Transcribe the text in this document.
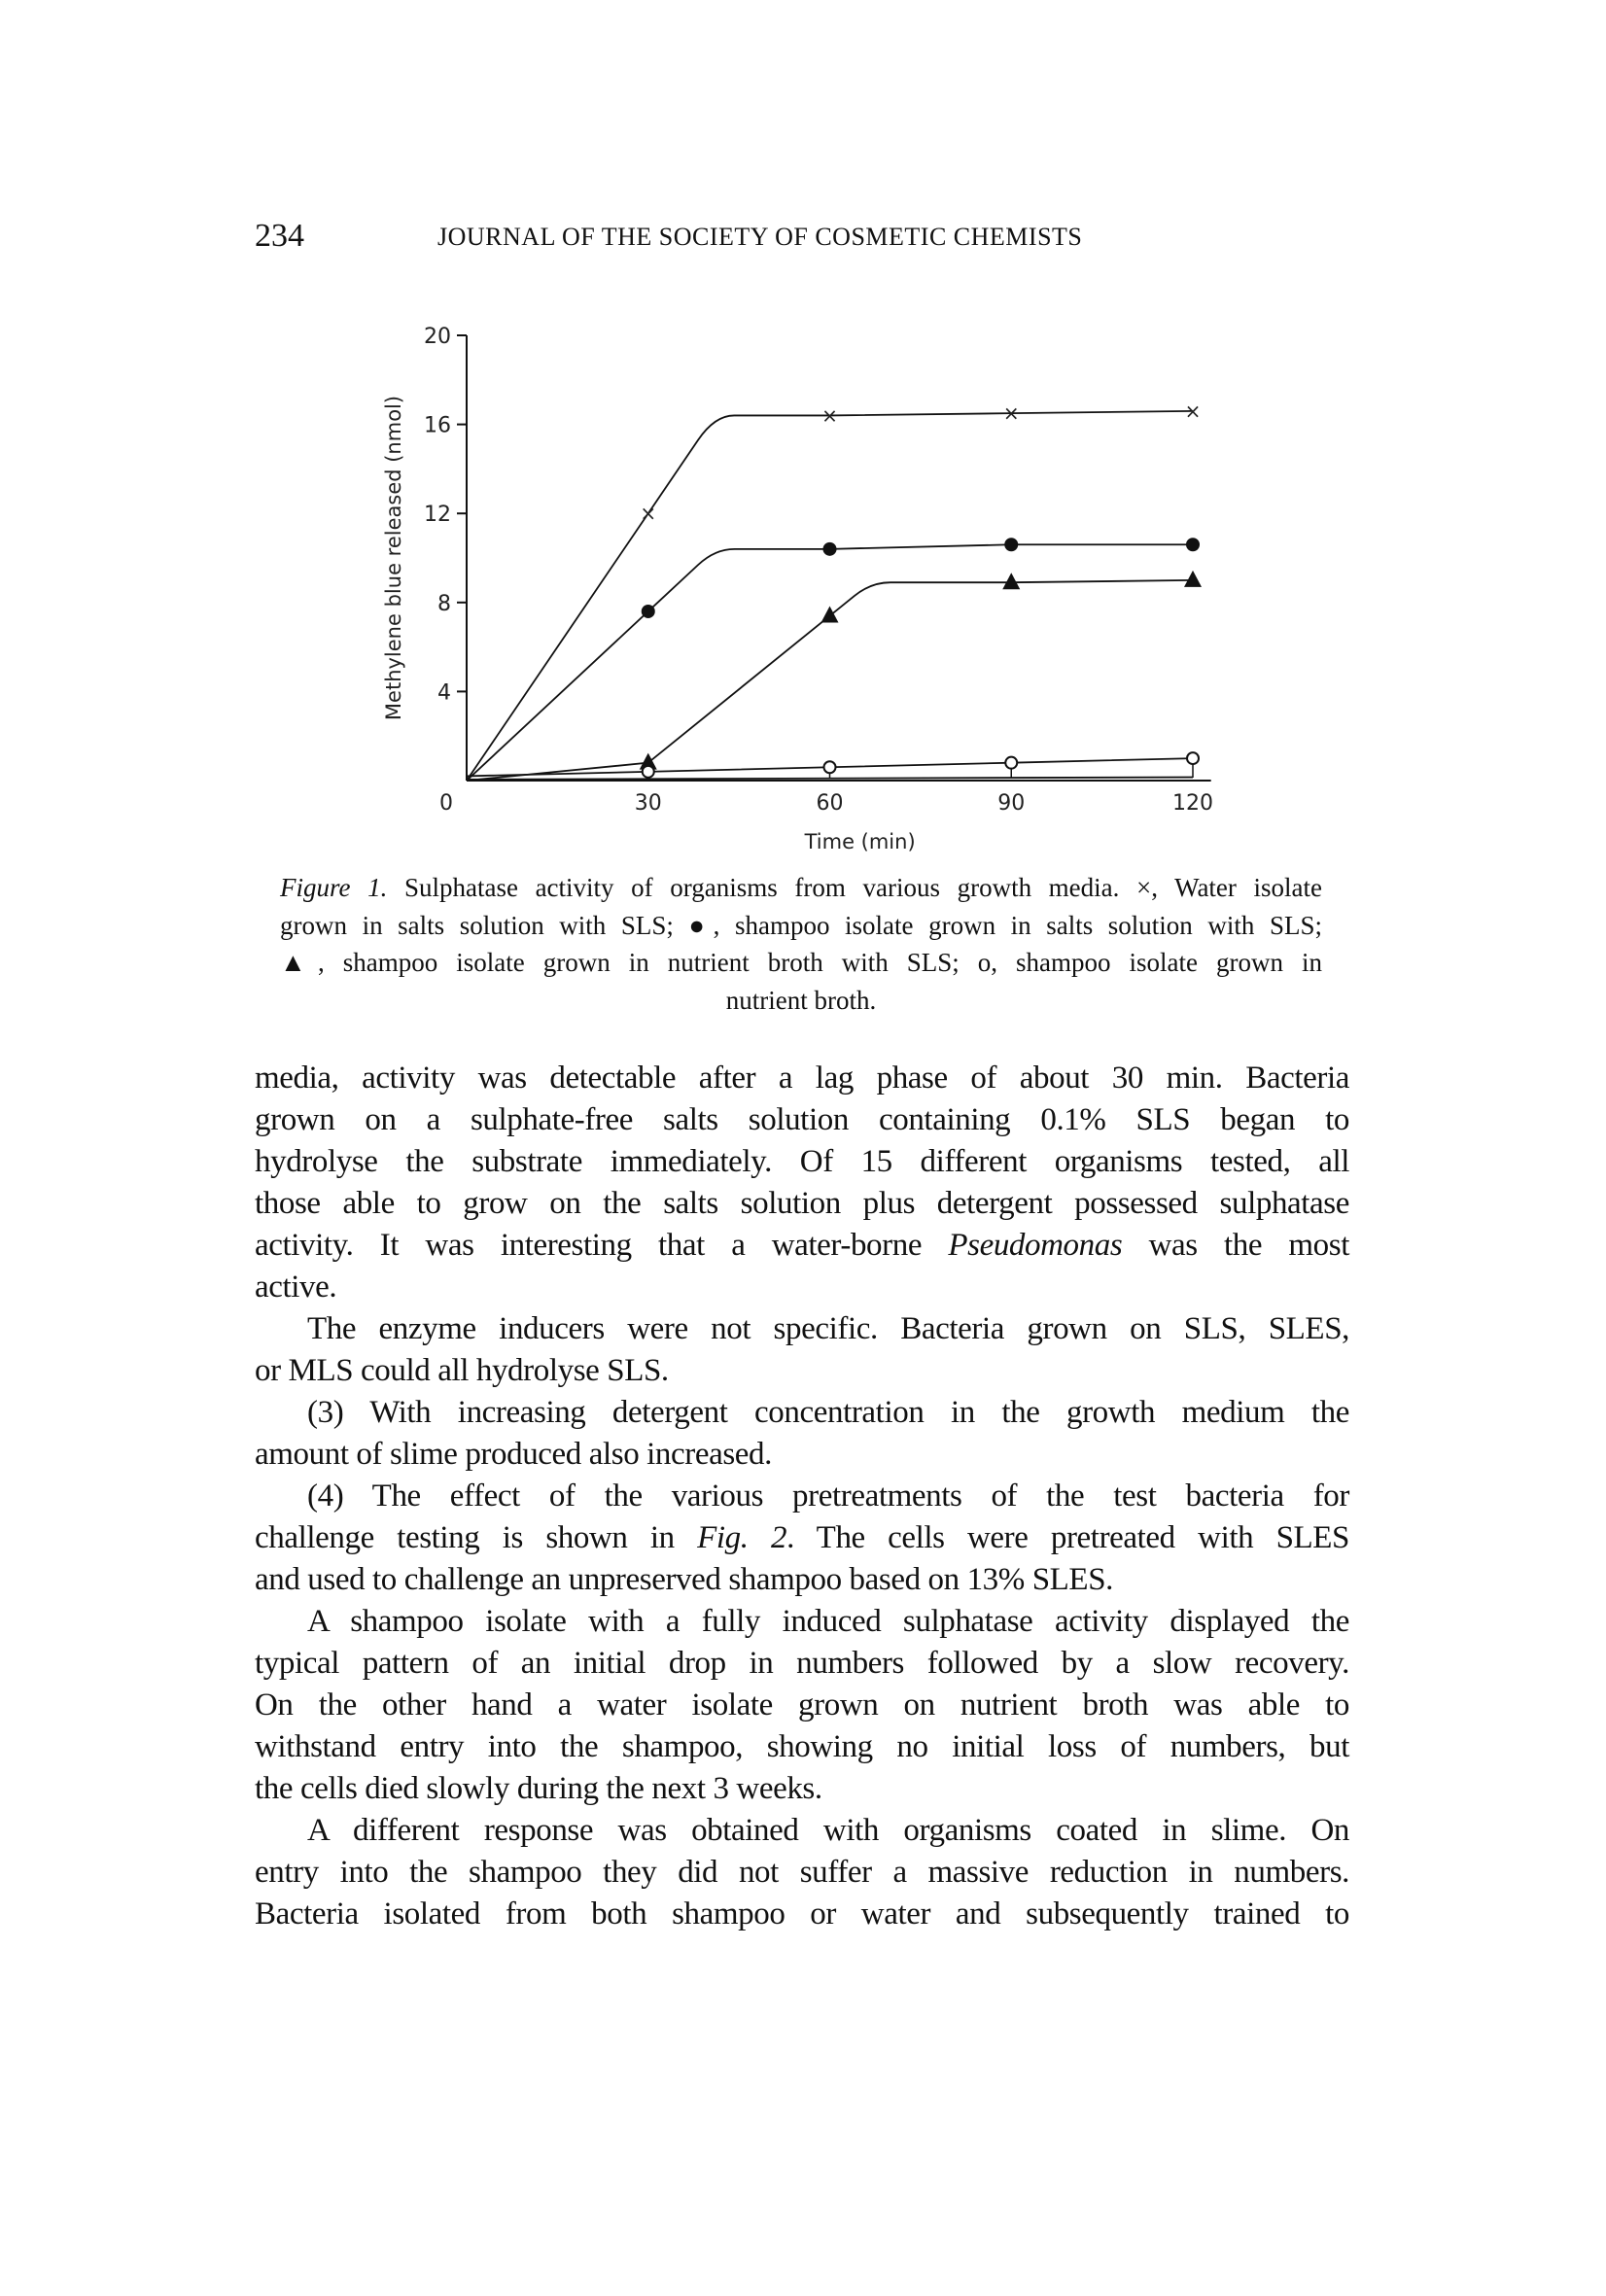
234	JOURNAL OF THE SOCIETY OF COSMETIC CHEMISTS
0	30	60	90	120
4
8
12
16
20
Methylene blue released (nmol)
Time (min)
×
×	×	×
Figure 1. Sulphatase activity of organisms from various growth media. ×, Water isolate
grown in salts solution with SLS; ●, shampoo isolate grown in salts solution with SLS;
▲, shampoo isolate grown in nutrient broth with SLS; o, shampoo isolate grown in
nutrient broth.
media, activity was detectable after a lag phase of about 30 min. Bacteria
grown on a sulphate-free salts solution containing 0.1% SLS began to
hydrolyse the substrate immediately. Of 15 different organisms tested, all
those able to grow on the salts solution plus detergent possessed sulphatase
activity. It was interesting that a water-borne Pseudomonas was the most
active.
The enzyme inducers were not specific. Bacteria grown on SLS, SLES,
or MLS could all hydrolyse SLS.
(3) With increasing detergent concentration in the growth medium the
amount of slime produced also increased.
(4) The effect of the various pretreatments of the test bacteria for
challenge testing is shown in Fig. 2. The cells were pretreated with SLES
and used to challenge an unpreserved shampoo based on 13% SLES.
A shampoo isolate with a fully induced sulphatase activity displayed the
typical pattern of an initial drop in numbers followed by a slow recovery.
On the other hand a water isolate grown on nutrient broth was able to
withstand entry into the shampoo, showing no initial loss of numbers, but
the cells died slowly during the next 3 weeks.
A different response was obtained with organisms coated in slime. On
entry into the shampoo they did not suffer a massive reduction in numbers.
Bacteria isolated from both shampoo or water and subsequently trained to
